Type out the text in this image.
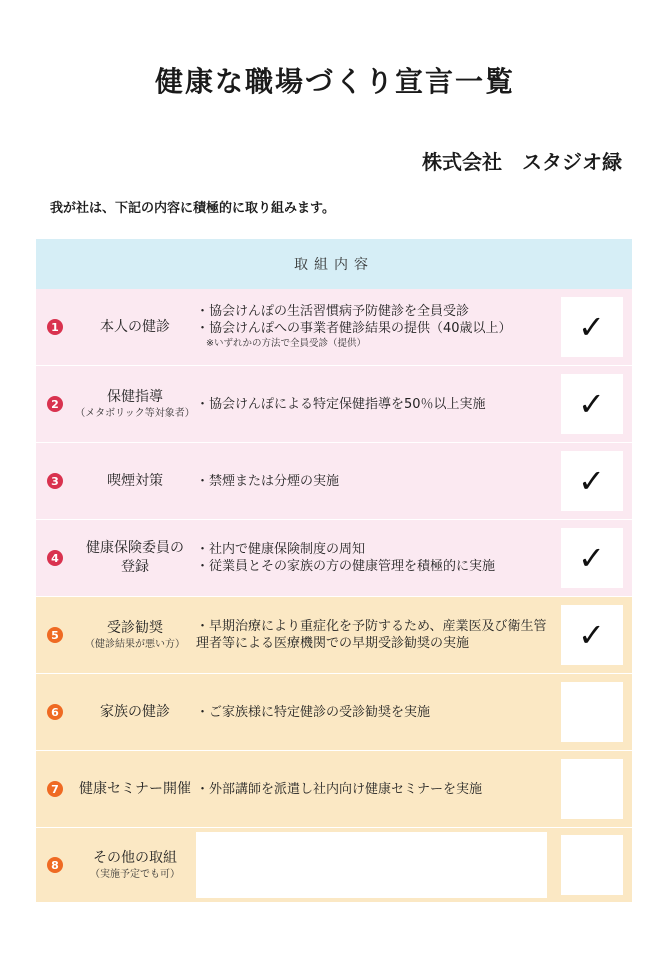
健康な職場づくり宣言一覧
株式会社　スタジオ緑
我が社は、下記の内容に積極的に取り組みます。
取組内容
1	本人の健診
・協会けんぽの生活習慣病予防健診を全員受診
・協会けんぽへの事業者健診結果の提供（40歳以上）
※いずれかの方法で全員受診（提供）	✓
2	保健指導
（メタボリック等対象者）
・協会けんぽによる特定保健指導を50％以上実施	✓
3	喫煙対策	・禁煙または分煙の実施	✓
4
健康保険委員の登録
・社内で健康保険制度の周知
・従業員とその家族の方の健康管理を積極的に実施	✓
5	受診勧奨
（健診結果が悪い方）
・早期治療により重症化を予防するため、産業医及び衛生管理者等による医療機関での早期受診勧奨の実施	✓
6	家族の健診 ・ご家族様に特定健診の受診勧奨を実施
7 健康セミナー開催 ・外部講師を派遣し社内向け健康セミナーを実施
8 その他の取組
（実施予定でも可）
